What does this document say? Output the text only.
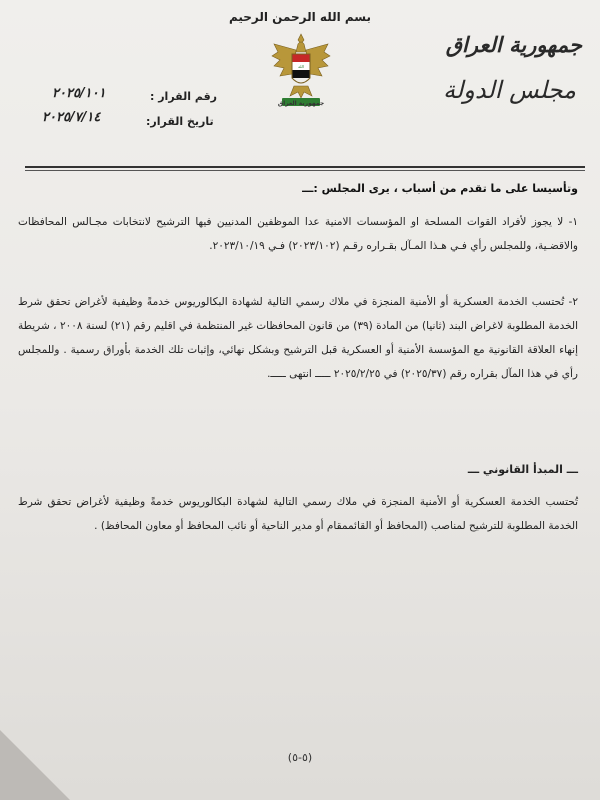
بسم الله الرحمن الرحيم
الله
جمهورية العراق
جمهورية العراق
مجلس الدولة
رقم القرار :
٢٠٢٥/١٠١
تاريخ القرار:
٢٠٢٥/٧/١٤
وتأسيسا على ما تقدم من أسباب ، يرى المجلس :ـــ
١- لا يجوز لأفراد القوات المسلحة او المؤسسات الامنية عدا الموظفين المدنيين فيها الترشيح لانتخابات مجـالس المحافظات والاقضـية، وللمجلس رأي فـي هـذا المـآل بقـراره رقـم (٢٠٢٣/١٠٢) فـي ٢٠٢٣/١٠/١٩.
٢- تُحتسب الخدمة العسكرية أو الأمنية المنجزة في ملاك رسمي التالية لشهادة البكالوريوس خدمةً وظيفية لأغراض تحقق شرط الخدمة المطلوبة لاغراض البند (ثانيا) من المادة (٣٩) من قانون المحافظات غير المنتظمة في اقليم رقم (٢١) لسنة ٢٠٠٨ ، شريطة إنهاء العلاقة القانونية مع المؤسسة الأمنية أو العسكرية قبل الترشيح وبشكل نهائي، وإثبات تلك الخدمة بأوراق رسمية . وللمجلس رأي في هذا المآل بقراره رقم (٢٠٢٥/٣٧) في ٢٠٢٥/٢/٢٥ ـــــ انتهى ـــــ.
ـــ المبدأ القانوني ـــ
تُحتسب الخدمة العسكرية أو الأمنية المنجزة في ملاك رسمي التالية لشهادة البكالوريوس خدمةً وظيفية لأغراض تحقق شرط الخدمة المطلوبة للترشيح لمناصب (المحافظ أو القائممقام أو مدير الناحية أو نائب المحافظ أو معاون المحافظ) .
(٥-٥)
